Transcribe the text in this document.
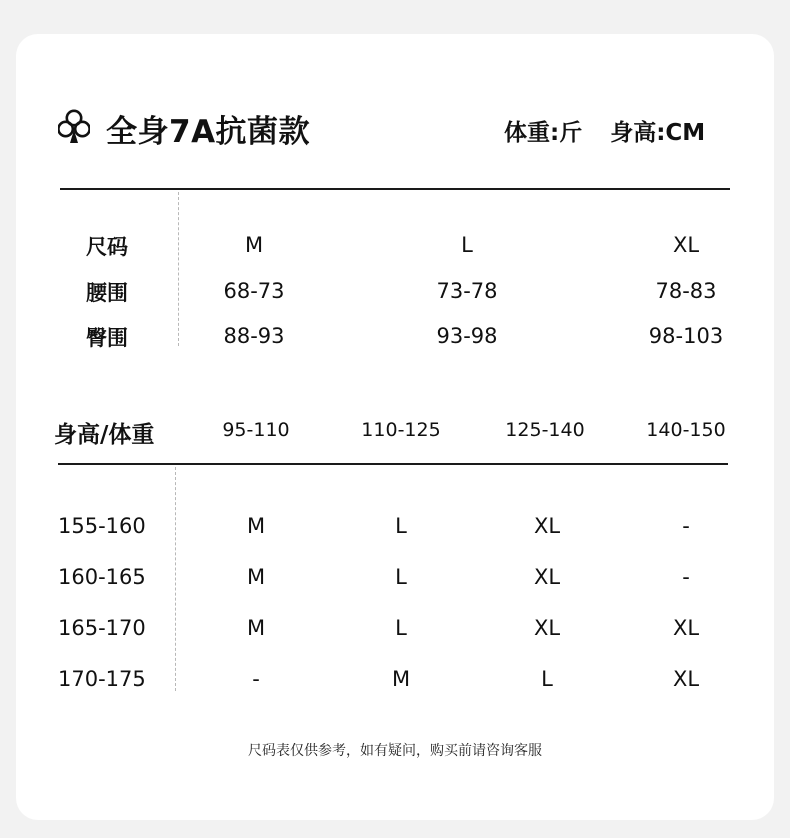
全身7A抗菌款	体重:斤 身高:CM
尺码	M	L	XL
腰围	68-73	73-78	78-83
臀围	88-93	93-98	98-103
身高/体重	95-110	110-125	125-140	140-150
155-160	M	L	XL	-
160-165	M	L	XL	-
165-170	M	L	XL	XL
170-175	-	M	L	XL
尺码表仅供参考，如有疑问，购买前请咨询客服
